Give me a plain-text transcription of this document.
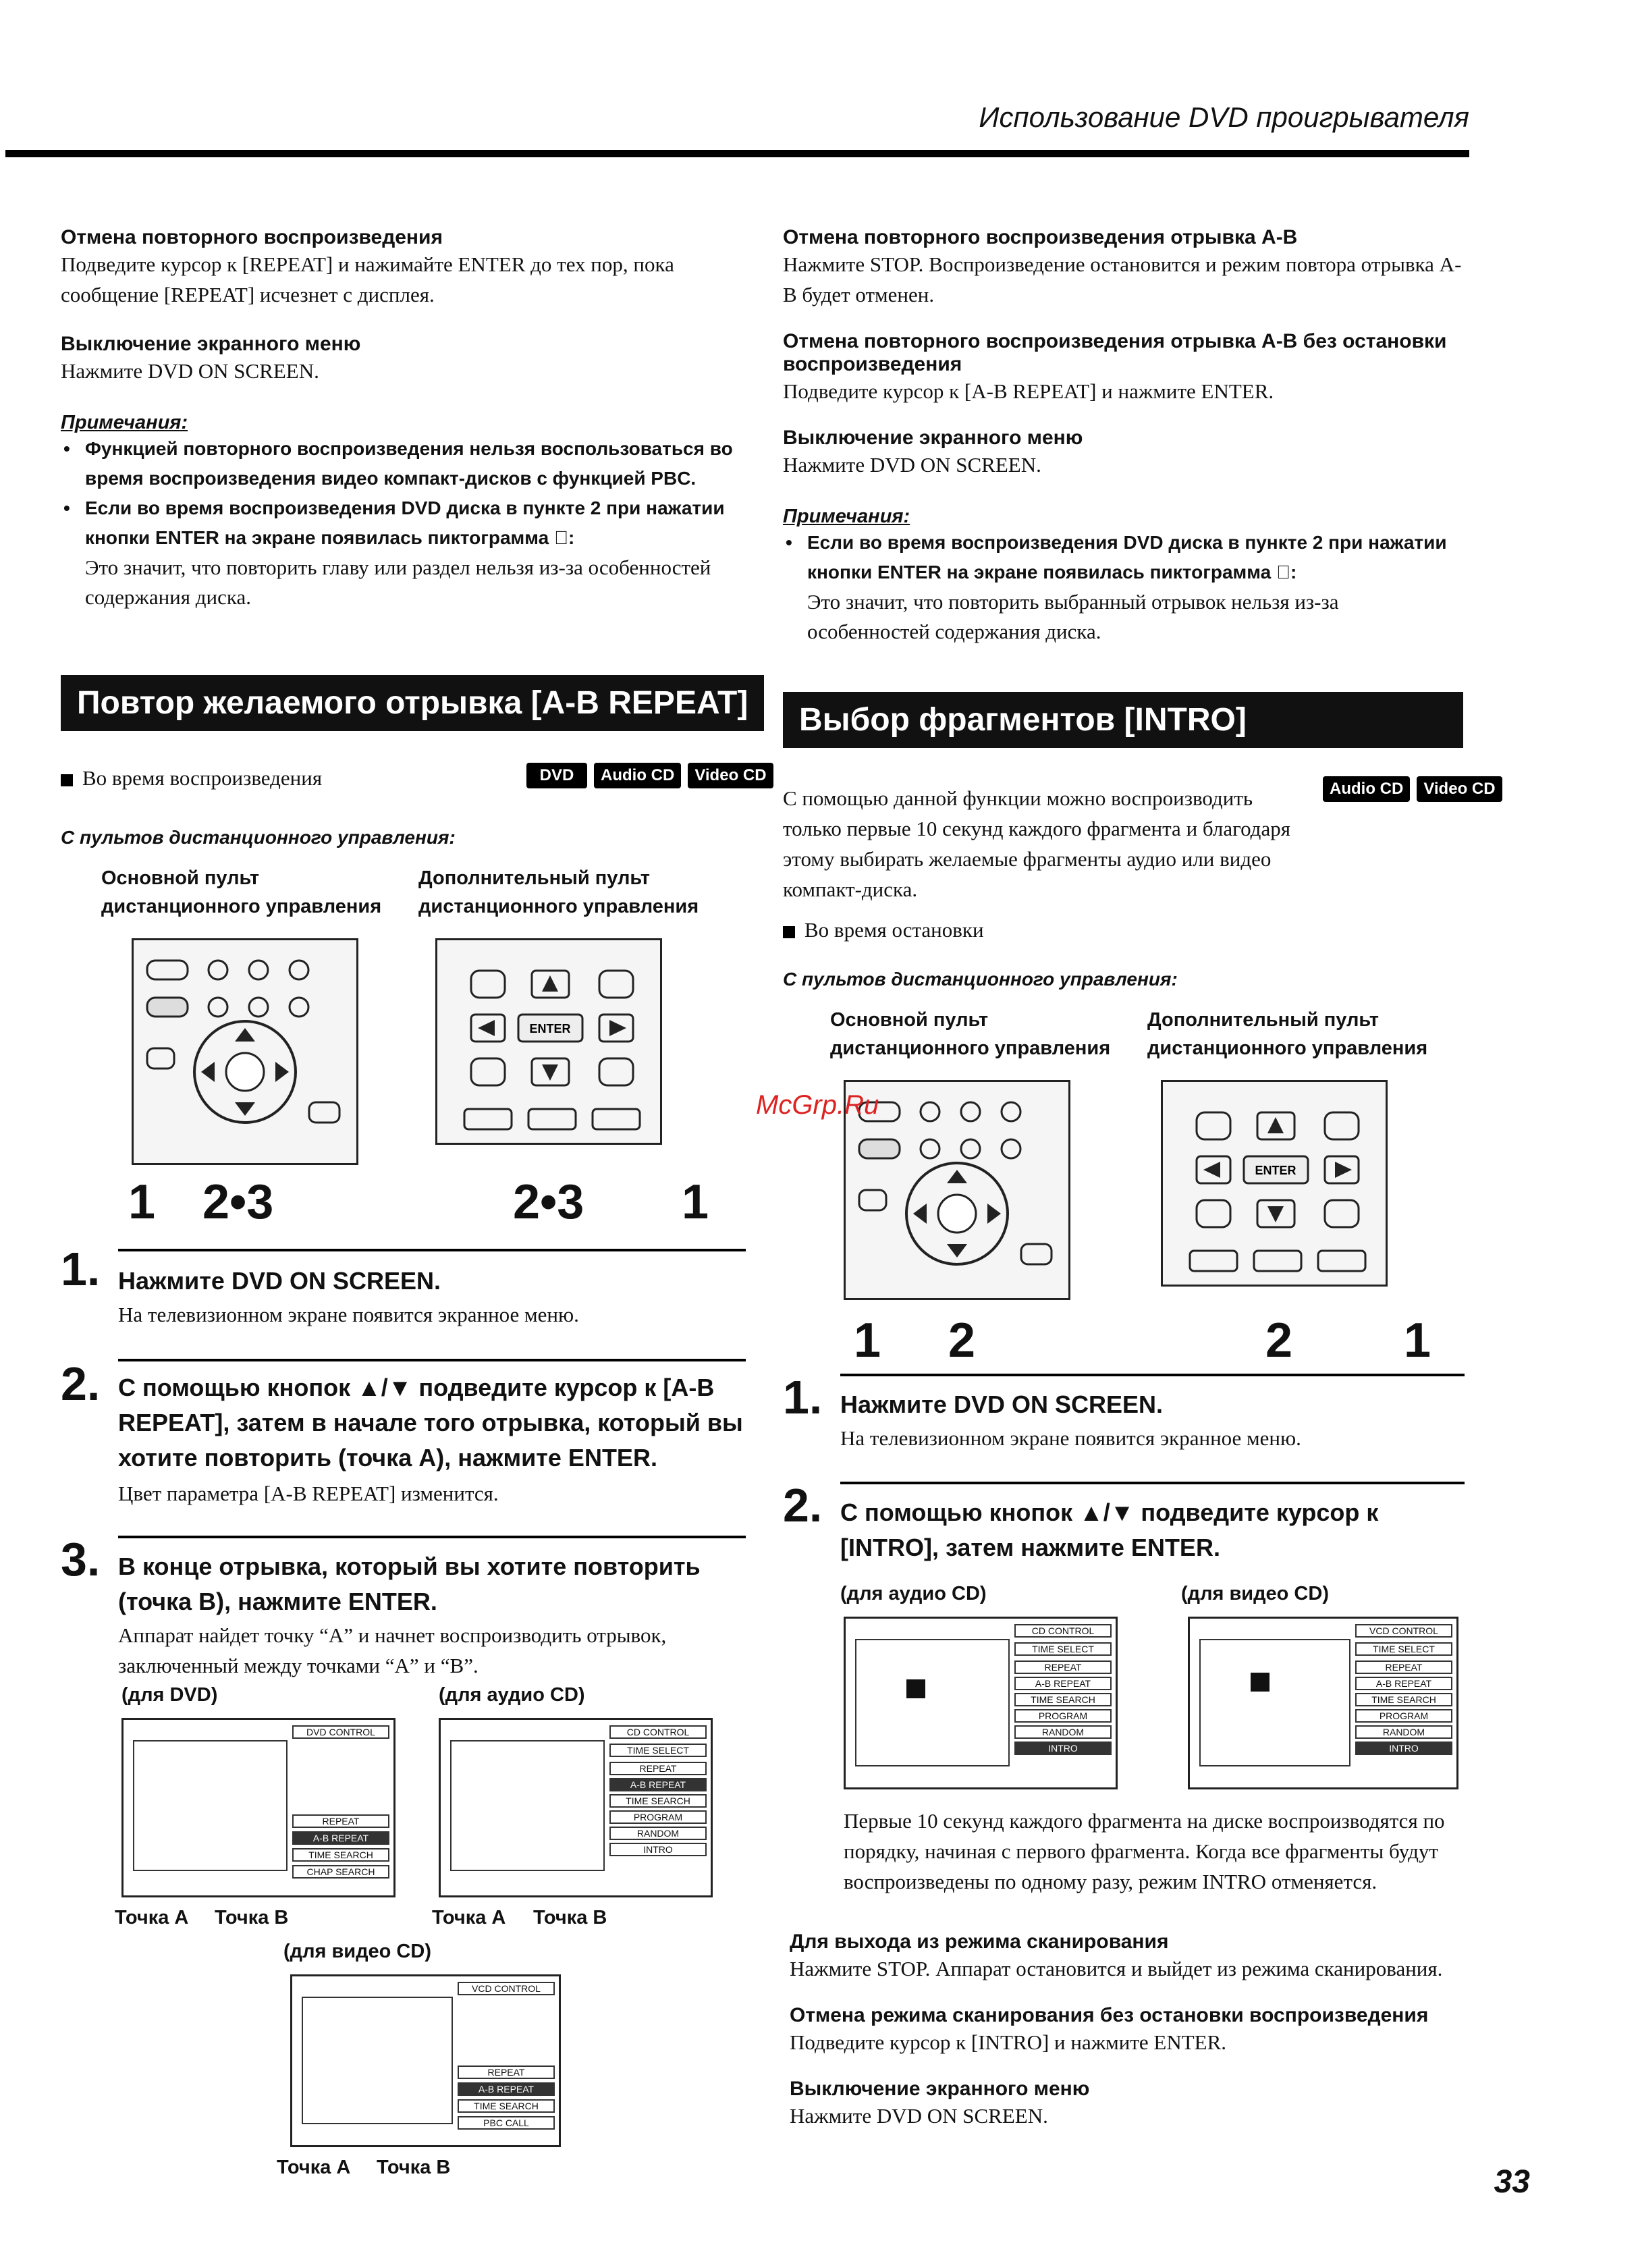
Использование DVD проигрывателя
Отмена повторного воспроизведения
Подведите курсор к [REPEAT] и нажимайте ENTER до тех пор, пока сообщение [REPEAT] исчезнет с дисплея.
Выключение экранного меню
Нажмите DVD ON SCREEN.
Примечания:
• Функцией повторного воспроизведения нельзя воспользоваться во время воспроизведения видео компакт-дисков с функцией PBC.
• Если во время воспроизведения DVD диска в пункте 2 при нажатии кнопки ENTER на экране появилась пиктограмма ⃠:
Это значит, что повторить главу или раздел нельзя из-за особенностей содержания диска.
Повтор желаемого отрывка [A-B REPEAT]
Во время воспроизведения	DVD	Audio CD	Video CD
С пультов дистанционного управления:
Основной пульт дистанционного управления
Дополнительный пульт дистанционного управления
ENTER
1 2•3	2•3 1
1. Нажмите DVD ON SCREEN.
На телевизионном экране появится экранное меню.
2. С помощью кнопок ▲/▼ подведите курсор к [A-B REPEAT], затем в начале того отрывка, который вы хотите повторить (точка A), нажмите ENTER.
Цвет параметра [A-B REPEAT] изменится.
3. В конце отрывка, который вы хотите повторить (точка B), нажмите ENTER.
Аппарат найдет точку “A” и начнет воспроизводить отрывок, заключенный между точками “A” и “B”.
(для DVD)	(для аудио CD)
DVD CONTROL
REPEAT
A-B REPEAT
TIME SEARCH
CHAP SEARCH
CD CONTROL
TIME SELECT
REPEAT
A-B REPEAT
TIME SEARCH
PROGRAM
RANDOM
INTRO
Точка A Точка B	Точка A Точка B
(для видео CD)
VCD CONTROL
REPEAT
A-B REPEAT
TIME SEARCH
PBC CALL
Точка A Точка B
Отмена повторного воспроизведения отрывка A-B
Нажмите STOP. Воспроизведение остановится и режим повтора отрывка A-B будет отменен.
Отмена повторного воспроизведения отрывка A-B без остановки воспроизведения
Подведите курсор к [A-B REPEAT] и нажмите ENTER.
Выключение экранного меню
Нажмите DVD ON SCREEN.
Примечания:
• Если во время воспроизведения DVD диска в пункте 2 при нажатии кнопки ENTER на экране появилась пиктограмма ⃠:
Это значит, что повторить выбранный отрывок нельзя из-за особенностей содержания диска.
Выбор фрагментов [INTRO]
С помощью данной функции можно воспроизводить только первые 10 секунд каждого фрагмента и благодаря этому выбирать желаемые фрагменты аудио или видео компакт-диска.
Audio CD	Video CD
Во время остановки
С пультов дистанционного управления:
Основной пульт дистанционного управления
Дополнительный пульт дистанционного управления
ENTER
1 2	2 1
1. Нажмите DVD ON SCREEN.
На телевизионном экране появится экранное меню.
2. С помощью кнопок ▲/▼ подведите курсор к [INTRO], затем нажмите ENTER.
(для аудио CD)	(для видео CD)
CD CONTROL
TIME SELECT
REPEAT
A-B REPEAT
TIME SEARCH
PROGRAM
RANDOM
INTRO
VCD CONTROL
TIME SELECT
REPEAT
A-B REPEAT
TIME SEARCH
PROGRAM
RANDOM
INTRO
Первые 10 секунд каждого фрагмента на диске воспроизводятся по порядку, начиная с первого фрагмента. Когда все фрагменты будут воспроизведены по одному разу, режим INTRO отменяется.
Для выхода из режима сканирования
Нажмите STOP. Аппарат остановится и выйдет из режима сканирования.
Отмена режима сканирования без остановки воспроизведения
Подведите курсор к [INTRO] и нажмите ENTER.
Выключение экранного меню
Нажмите DVD ON SCREEN.
McGrp.Ru
33
